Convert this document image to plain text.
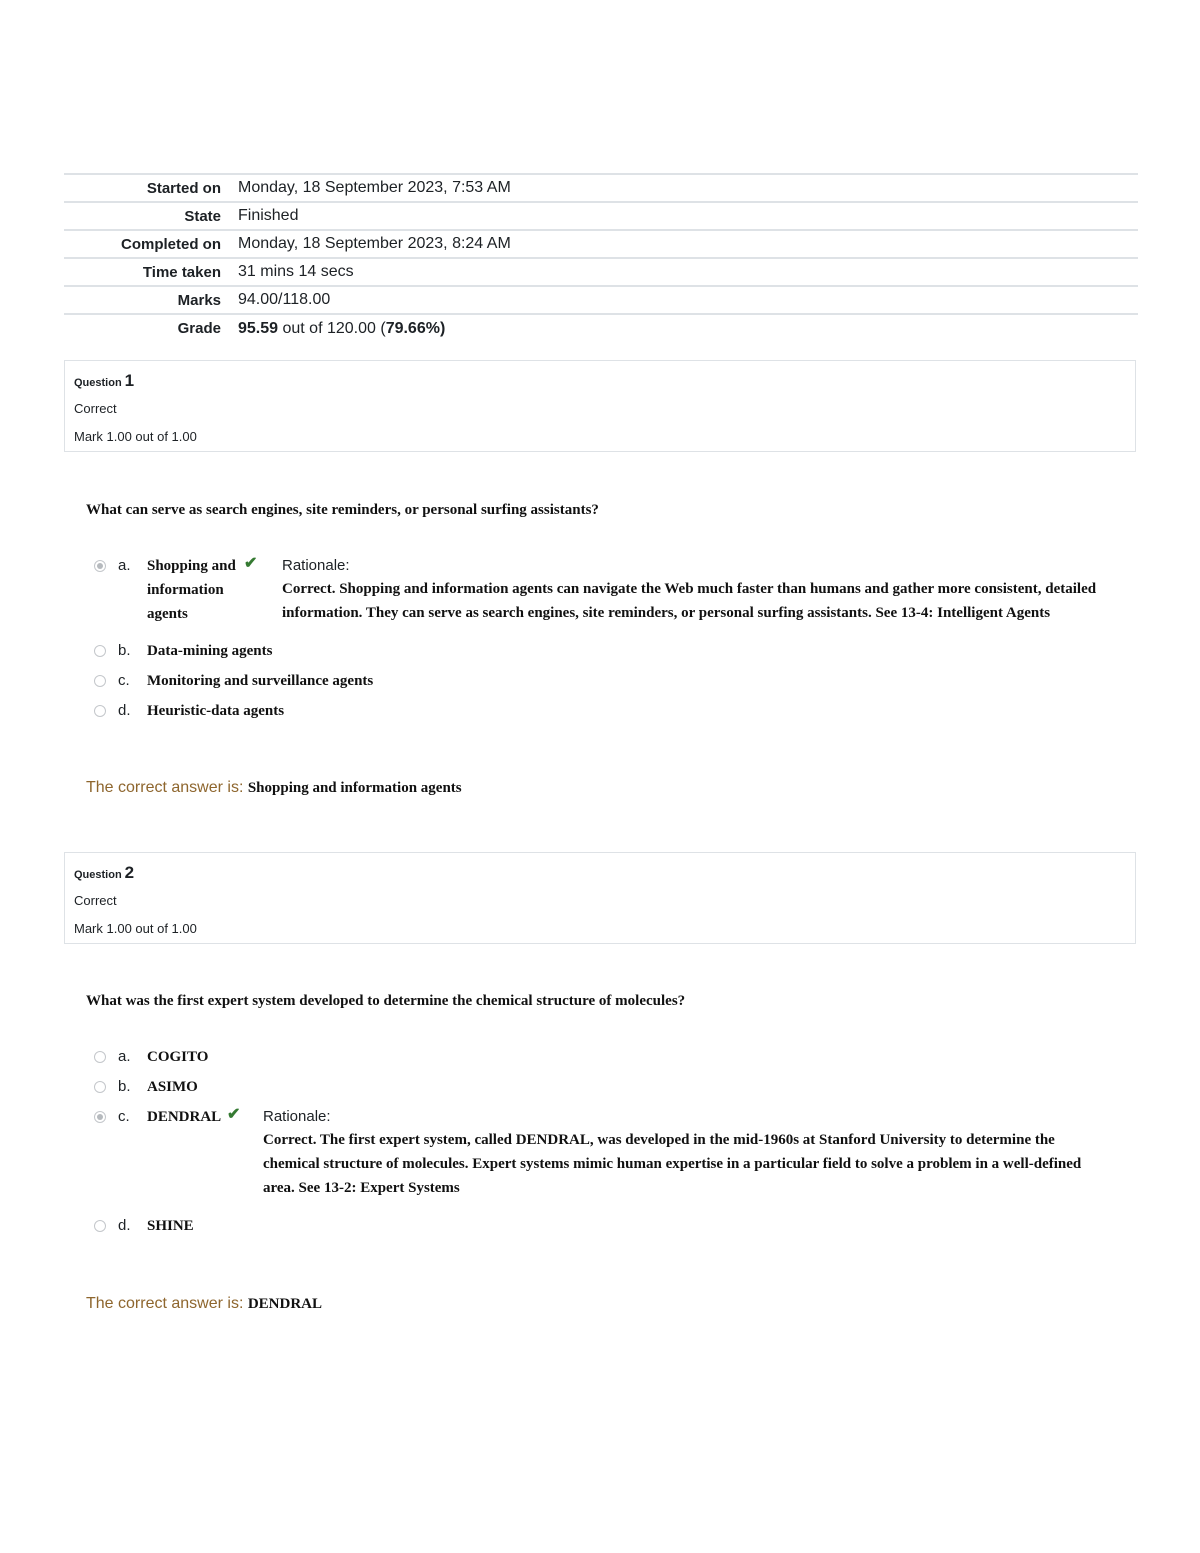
Started on	Monday, 18 September 2023, 7:53 AM
State	Finished
Completed on	Monday, 18 September 2023, 8:24 AM
Time taken	31 mins 14 secs
Marks	94.00/118.00
Grade	95.59 out of 120.00 (79.66%)
Question 1
Correct
Mark 1.00 out of 1.00
What can serve as search engines, site reminders, or personal surfing assistants?
a. Shopping and information agents
✔ Rationale:
Correct. Shopping and information agents can navigate the Web much faster than humans and gather more consistent, detailed information. They can serve as search engines, site reminders, or personal surfing assistants. See 13-4: Intelligent Agents
b. Data-mining agents
c. Monitoring and surveillance agents
d. Heuristic-data agents
The correct answer is: Shopping and information agents
Question 2
Correct
Mark 1.00 out of 1.00
What was the first expert system developed to determine the chemical structure of molecules?
a. COGITO
b. ASIMO
c. DENDRAL ✔ Rationale:
Correct. The first expert system, called DENDRAL, was developed in the mid-1960s at Stanford University to determine the chemical structure of molecules. Expert systems mimic human expertise in a particular field to solve a problem in a well-defined area. See 13-2: Expert Systems
d. SHINE
The correct answer is: DENDRAL
